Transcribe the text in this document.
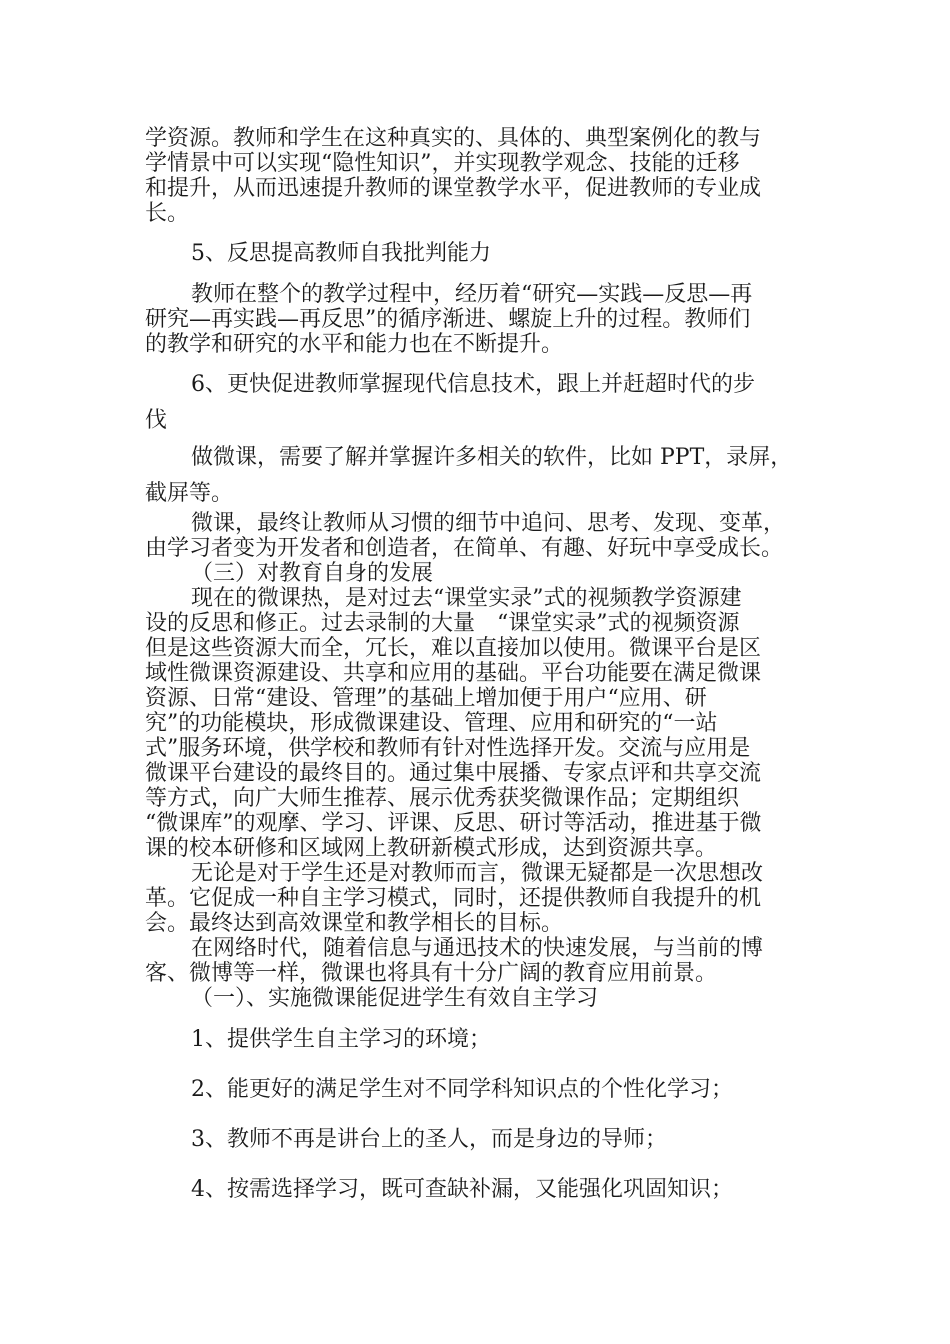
学资源。教师和学生在这种真实的、具体的、典型案例化的教与
学情景中可以实现“隐性知识”，并实现教学观念、技能的迁移
和提升，从而迅速提升教师的课堂教学水平，促进教师的专业成
长。
5、反思提高教师自我批判能力
教师在整个的教学过程中，经历着“研究—实践—反思—再
研究—再实践—再反思”的循序渐进、螺旋上升的过程。教师们
的教学和研究的水平和能力也在不断提升。
6、更快促进教师掌握现代信息技术，跟上并赶超时代的步
伐
做微课，需要了解并掌握许多相关的软件，比如 PPT，录屏，
截屏等。
微课，最终让教师从习惯的细节中追问、思考、发现、变革，
由学习者变为开发者和创造者，在简单、有趣、好玩中享受成长。
（三）对教育自身的发展
现在的微课热，是对过去“课堂实录”式的视频教学资源建
设的反思和修正。过去录制的大量　“课堂实录”式的视频资源
但是这些资源大而全，冗长，难以直接加以使用。微课平台是区
域性微课资源建设、共享和应用的基础。平台功能要在满足微课
资源、日常“建设、管理”的基础上增加便于用户“应用、研
究”的功能模块，形成微课建设、管理、应用和研究的“一站
式”服务环境，供学校和教师有针对性选择开发。交流与应用是
微课平台建设的最终目的。通过集中展播、专家点评和共享交流
等方式，向广大师生推荐、展示优秀获奖微课作品；定期组织
“微课库”的观摩、学习、评课、反思、研讨等活动，推进基于微
课的校本研修和区域网上教研新模式形成，达到资源共享。
无论是对于学生还是对教师而言，微课无疑都是一次思想改
革。它促成一种自主学习模式，同时，还提供教师自我提升的机
会。最终达到高效课堂和教学相长的目标。
在网络时代，随着信息与通迅技术的快速发展，与当前的博
客、微博等一样，微课也将具有十分广阔的教育应用前景。
（一）、实施微课能促进学生有效自主学习
1、提供学生自主学习的环境；
2、能更好的满足学生对不同学科知识点的个性化学习；
3、教师不再是讲台上的圣人，而是身边的导师；
4、按需选择学习，既可查缺补漏，又能强化巩固知识；
